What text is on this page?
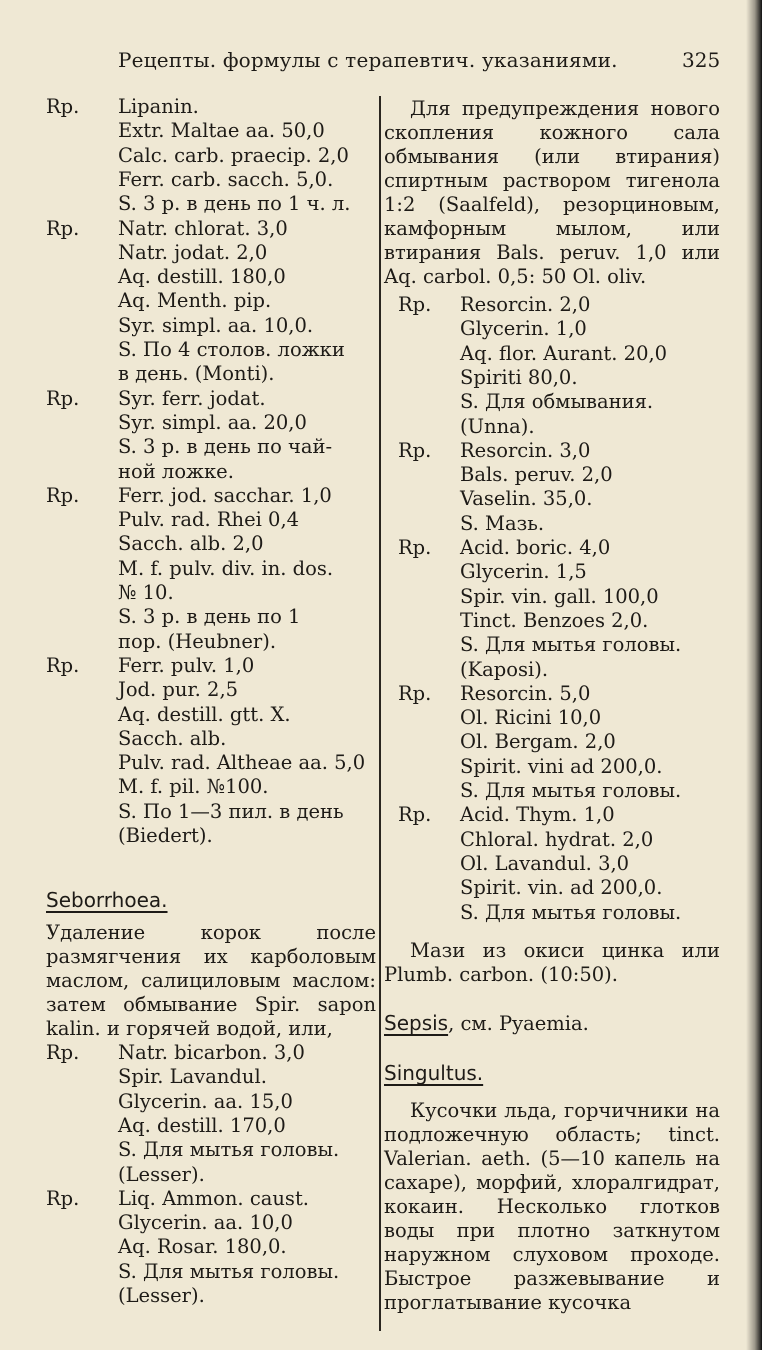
Рецепты. формулы с терапевтич. указаниями.	325
Rp. Lipanin.
Extr. Maltae aa. 50,0
Calc. carb. praecip. 2,0
Ferr. carb. sacch. 5,0.
S. 3 р. в день по 1 ч. л.
Rp. Natr. chlorat. 3,0
Natr. jodat. 2,0
Aq. destill. 180,0
Aq. Menth. pip.
Syr. simpl. aa. 10,0.
S. По 4 столов. ложки
в день. (Monti).
Rp. Syr. ferr. jodat.
Syr. simpl. aa. 20,0
S. 3 р. в день по чай-
ной ложке.
Rp. Ferr. jod. sacchar. 1,0
Pulv. rad. Rhei 0,4
Sacch. alb. 2,0
M. f. pulv. div. in. dos.
№ 10.
S. 3 р. в день по 1
пор. (Heubner).
Rp. Ferr. pulv. 1,0
Jod. pur. 2,5
Aq. destill. gtt. X.
Sacch. alb.
Pulv. rad. Altheae aa. 5,0
M. f. pil. №100.
S. По 1—3 пил. в день
(Biedert).
Seborrhoea.
Удаление корок после размягчения их карболовым маслом, салициловым маслом: затем обмывание Spir. sapon kalin. и горячей водой, или,
Rp. Natr. bicarbon. 3,0
Spir. Lavandul.
Glycerin. aa. 15,0
Aq. destill. 170,0
S. Для мытья головы.
(Lesser).
Rp. Liq. Ammon. caust.
Glycerin. aa. 10,0
Aq. Rosar. 180,0.
S. Для мытья головы.
(Lesser).
Для предупреждения нового скопления кожного сала обмывания (или втирания) спиртным раствором тигенола 1:2 (Saalfeld), резорциновым, камфорным мылом, или втирания Bals. peruv. 1,0 или Aq. carbol. 0,5: 50 Ol. oliv.
Rp. Resorcin. 2,0
Glycerin. 1,0
Aq. flor. Aurant. 20,0
Spiriti 80,0.
S. Для обмывания.
(Unna).
Rp. Resorcin. 3,0
Bals. peruv. 2,0
Vaselin. 35,0.
S. Мазь.
Rp. Acid. boric. 4,0
Glycerin. 1,5
Spir. vin. gall. 100,0
Tinct. Benzoes 2,0.
S. Для мытья головы.
(Kaposi).
Rp. Resorcin. 5,0
Ol. Ricini 10,0
Ol. Bergam. 2,0
Spirit. vini ad 200,0.
S. Для мытья головы.
Rp. Acid. Thym. 1,0
Chloral. hydrat. 2,0
Ol. Lavandul. 3,0
Spirit. vin. ad 200,0.
S. Для мытья головы.
Мази из окиси цинка или Plumb. carbon. (10:50).
Sepsis, см. Pyaemia.
Singultus.
Кусочки льда, горчичники на подложечную область; tinct. Valerian. aeth. (5—10 капель на сахаре), морфий, хлоралгидрат, кокаин. Несколько глотков воды при плотно заткнутом наружном слуховом проходе. Быстрое разжевывание и проглатывание кусочка
